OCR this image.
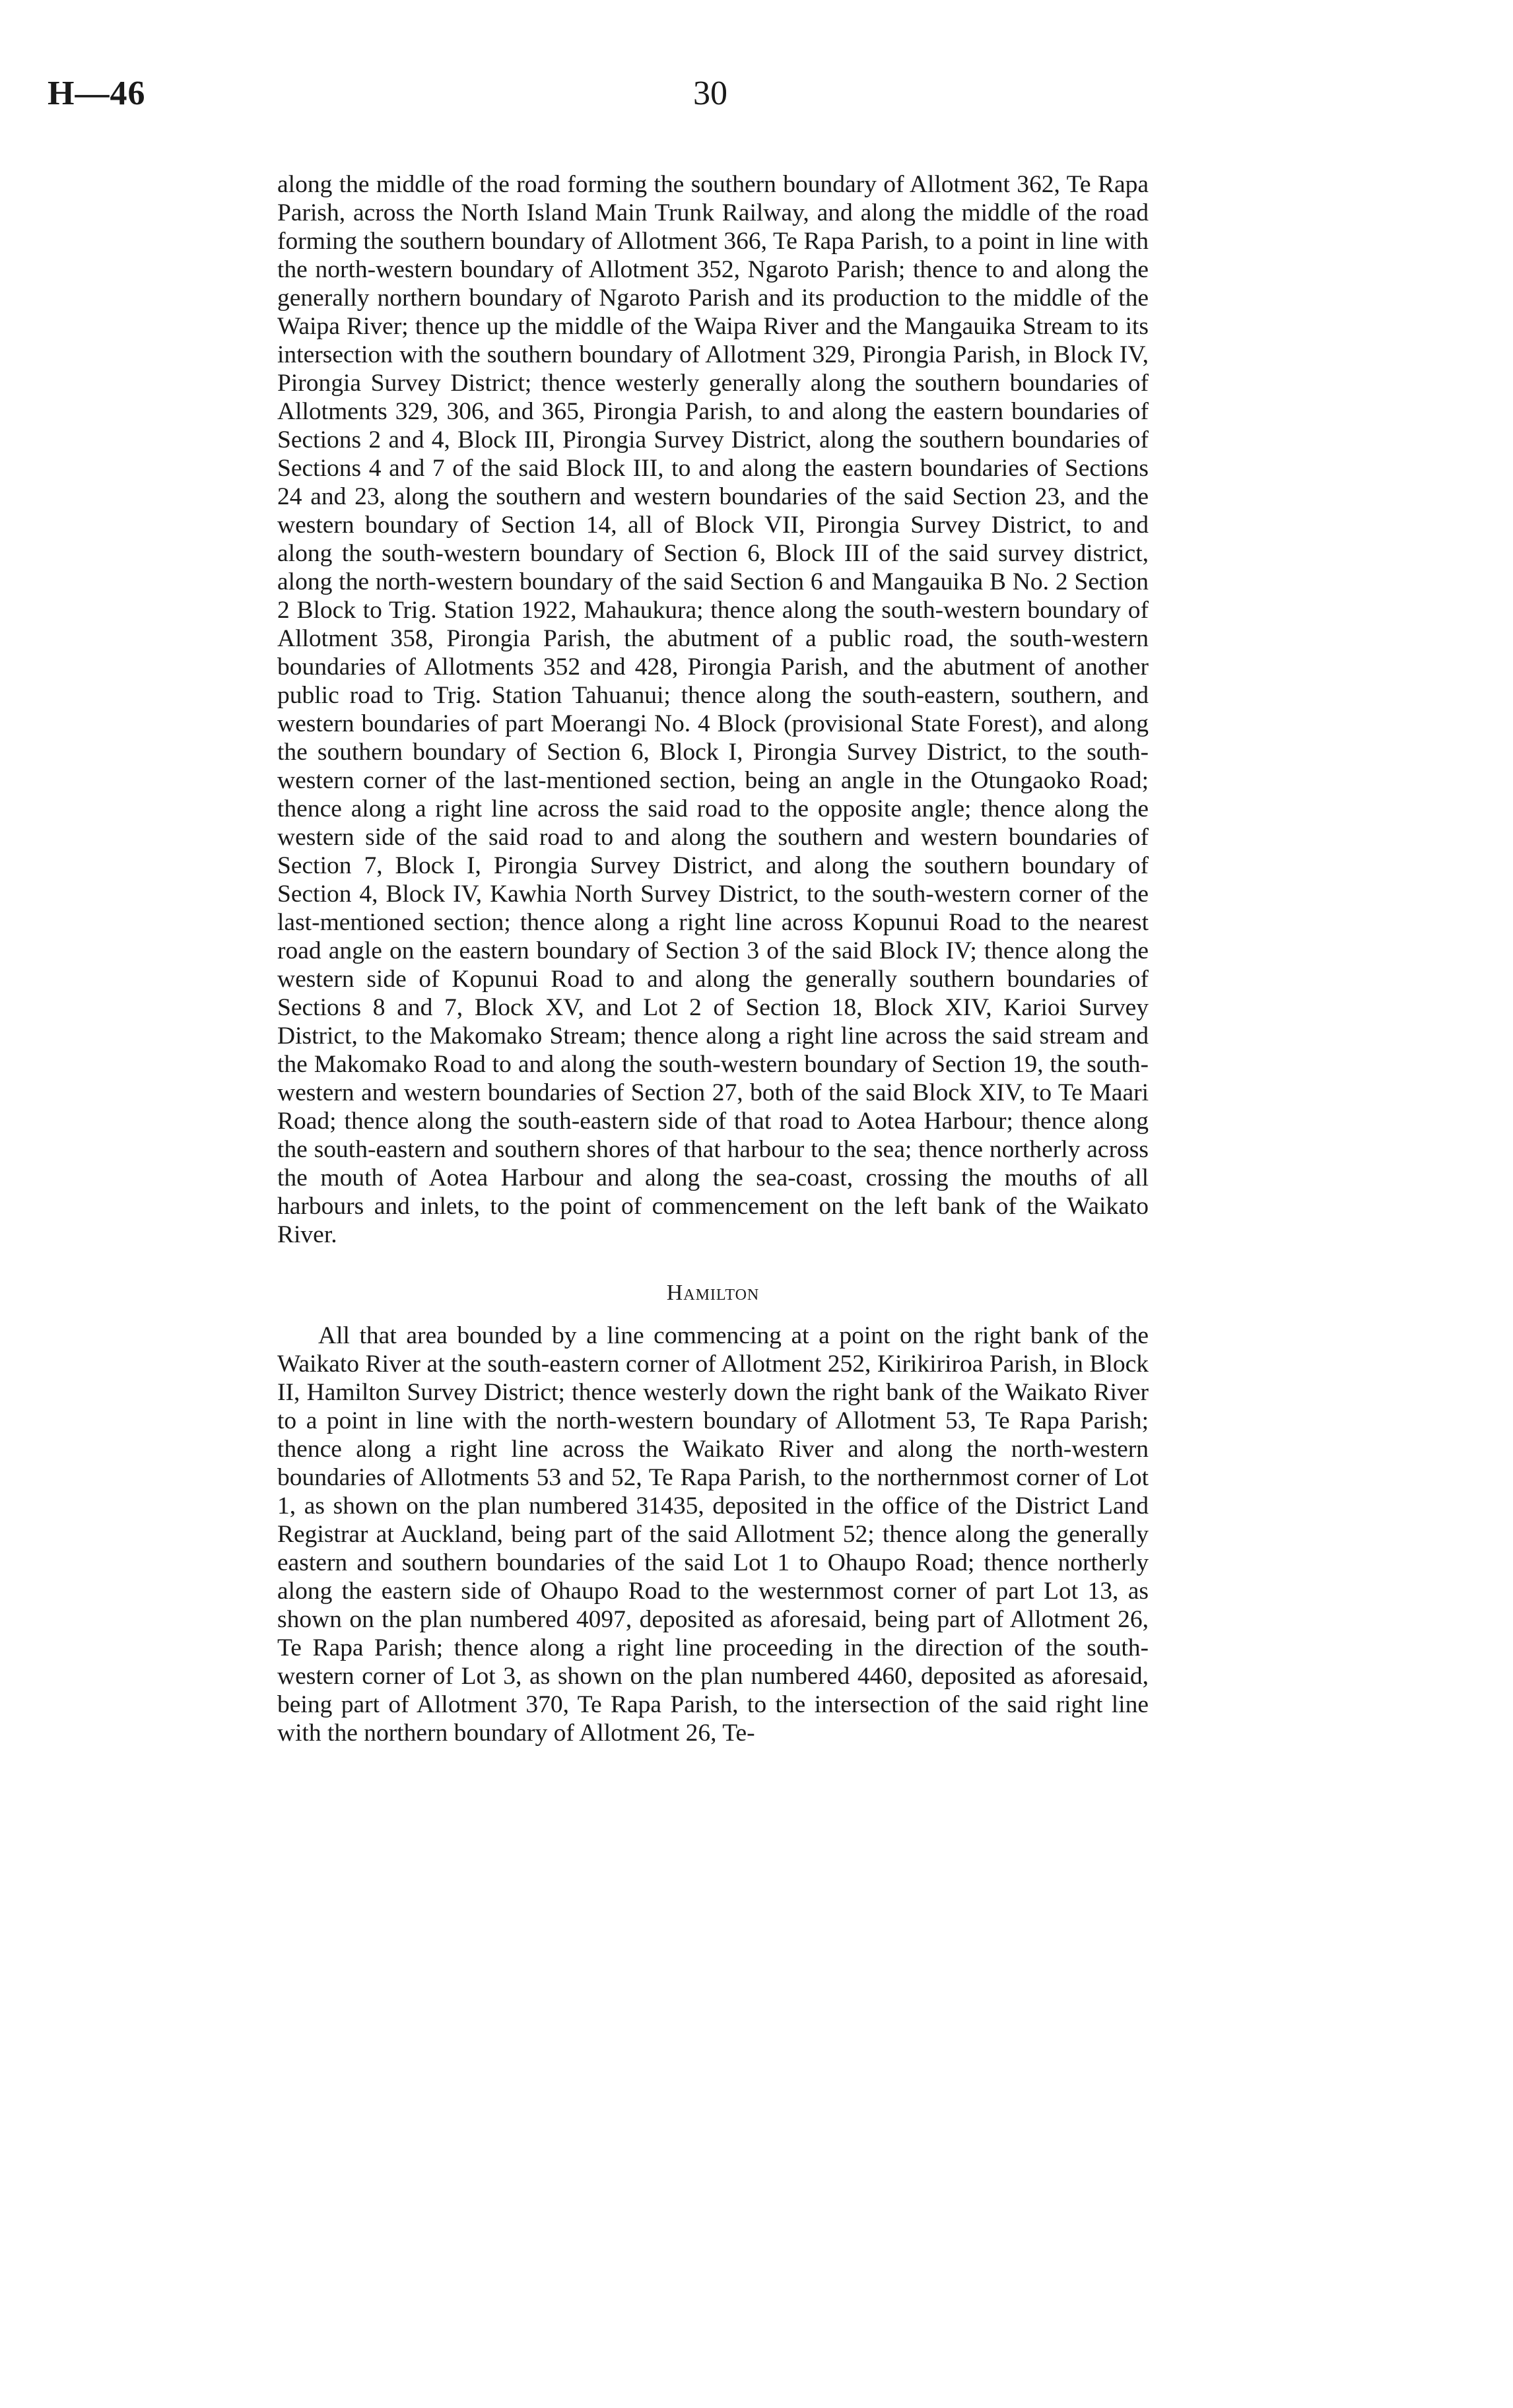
H—46	30

along the middle of the road forming the southern boundary of Allotment 362, Te Rapa Parish, across the North Island Main Trunk Railway, and along the middle of the road forming the southern boundary of Allotment 366, Te Rapa Parish, to a point in line with the north-western boundary of Allotment 352, Ngaroto Parish; thence to and along the generally northern boundary of Ngaroto Parish and its production to the middle of the Waipa River; thence up the middle of the Waipa River and the Mangauika Stream to its intersection with the southern boundary of Allotment 329, Pirongia Parish, in Block IV, Pirongia Survey District; thence westerly generally along the southern boundaries of Allotments 329, 306, and 365, Pirongia Parish, to and along the eastern boundaries of Sections 2 and 4, Block III, Pirongia Survey District, along the southern boundaries of Sections 4 and 7 of the said Block III, to and along the eastern boundaries of Sections 24 and 23, along the southern and western boundaries of the said Section 23, and the western boundary of Section 14, all of Block VII, Pirongia Survey District, to and along the south-western boundary of Section 6, Block III of the said survey district, along the north-western boundary of the said Section 6 and Mangauika B No. 2 Section 2 Block to Trig. Station 1922, Mahaukura; thence along the south-western boundary of Allotment 358, Pirongia Parish, the abutment of a public road, the south-western boundaries of Allotments 352 and 428, Pirongia Parish, and the abutment of another public road to Trig. Station Tahuanui; thence along the south-eastern, southern, and western boundaries of part Moerangi No. 4 Block (provisional State Forest), and along the southern boundary of Section 6, Block I, Pirongia Survey District, to the south-western corner of the last-mentioned section, being an angle in the Otungaoko Road; thence along a right line across the said road to the opposite angle; thence along the western side of the said road to and along the southern and western boundaries of Section 7, Block I, Pirongia Survey District, and along the southern boundary of Section 4, Block IV, Kawhia North Survey District, to the south-western corner of the last-mentioned section; thence along a right line across Kopunui Road to the nearest road angle on the eastern boundary of Section 3 of the said Block IV; thence along the western side of Kopunui Road to and along the generally southern boundaries of Sections 8 and 7, Block XV, and Lot 2 of Section 18, Block XIV, Karioi Survey District, to the Makomako Stream; thence along a right line across the said stream and the Makomako Road to and along the south-western boundary of Section 19, the south-western and western boundaries of Section 27, both of the said Block XIV, to Te Maari Road; thence along the south-eastern side of that road to Aotea Harbour; thence along the south-eastern and southern shores of that harbour to the sea; thence northerly across the mouth of Aotea Harbour and along the sea-coast, crossing the mouths of all harbours and inlets, to the point of commencement on the left bank of the Waikato River.

Hamilton

All that area bounded by a line commencing at a point on the right bank of the Waikato River at the south-eastern corner of Allotment 252, Kirikiriroa Parish, in Block II, Hamilton Survey District; thence westerly down the right bank of the Waikato River to a point in line with the north-western boundary of Allotment 53, Te Rapa Parish; thence along a right line across the Waikato River and along the north-western boundaries of Allotments 53 and 52, Te Rapa Parish, to the northernmost corner of Lot 1, as shown on the plan numbered 31435, deposited in the office of the District Land Registrar at Auckland, being part of the said Allotment 52; thence along the generally eastern and southern boundaries of the said Lot 1 to Ohaupo Road; thence northerly along the eastern side of Ohaupo Road to the westernmost corner of part Lot 13, as shown on the plan numbered 4097, deposited as aforesaid, being part of Allotment 26, Te Rapa Parish; thence along a right line proceeding in the direction of the south-western corner of Lot 3, as shown on the plan numbered 4460, deposited as aforesaid, being part of Allotment 370, Te Rapa Parish, to the intersection of the said right line with the northern boundary of Allotment 26, Te-
